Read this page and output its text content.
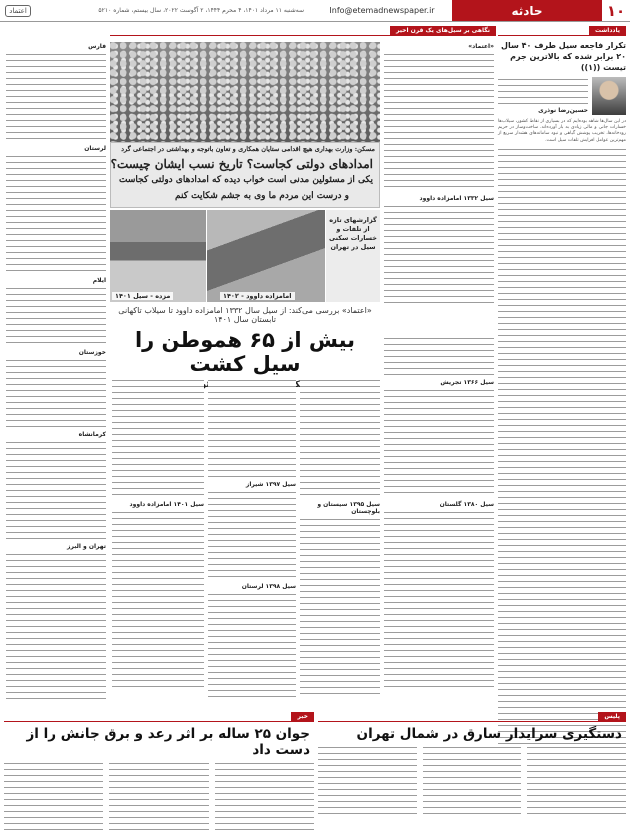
۱۰
حادثه
Info@etemadnewspaper.ir
سه‌شنبه ۱۱ مرداد ۱۴۰۱، ۴ محرم ۱۴۴۴، ۲ آگوست ۲۰۲۲، سال بیستم، شماره ۵۲۱۰
اعتماد
یادداشت
تکرار فاجعه سیل طرف ۴۰ سال ۲۰ برابر شده که بالاترین جرم تیست ((۱))
حسین‌رضا نوذری
در این سال‌ها شاهد بوده‌ایم که در بسیاری از نقاط کشور، سیلاب‌ها خسارات جانی و مالی زیادی به بار آورده‌اند. ساخت‌وساز در حریم رودخانه‌ها، تخریب پوشش گیاهی و نبود سامانه‌های هشدار سریع از مهم‌ترین عوامل افزایش تلفات سیل است.
نگاهی بر سیل‌های یک قرن اخیر
«اعتماد»
سیل ۱۳۳۲ امامزاده داوود
مسکن: وزارت بهداری هیچ اقدامی ستایان همکاری و تعاون باتوجه و بهداشتی در اجتماعی گرد
امدادهای دولتی کجاست؟ تاریخ نسب ایشان چیست؟
یکی از مسئولین مدنی است خواب دیده که امدادهای دولتی کجاست
و درست این مردم ما وی به جشم شکایت کنم
گزارشهای تازه از تلفات و خسارات سکنی سیل در تهران
امامزاده داوود - ۱۴۰۲
مزده - سیل ۱۴۰۱
«اعتماد» بررسی می‌کند: از سیل سال ۱۳۳۲ امامزاده داوود تا سیلاب تاکهانی تابستان سال ۱۴۰۱
بیش از ۶۵ هموطن را سیل کشت
مسئولان	سیل ۱۳۶۶ تجریش
سیل ۱۳۸۰ گلستان
سیل ۱۳۹۵ سیستان و بلوچستان
سیل ۱۳۹۷ شیراز
سیل ۱۳۹۸ لرستان
سیل ۱۴۰۱ امامزاده داوود
فارس
لرستان
ایلام
خوزستان
کرمانشاه
تهران و البرز
پلیس
دستگیری سرایدار سارق در شمال تهران
خبر
جوان ۲۵ ساله بر اثر رعد و برق جانش را از دست داد
